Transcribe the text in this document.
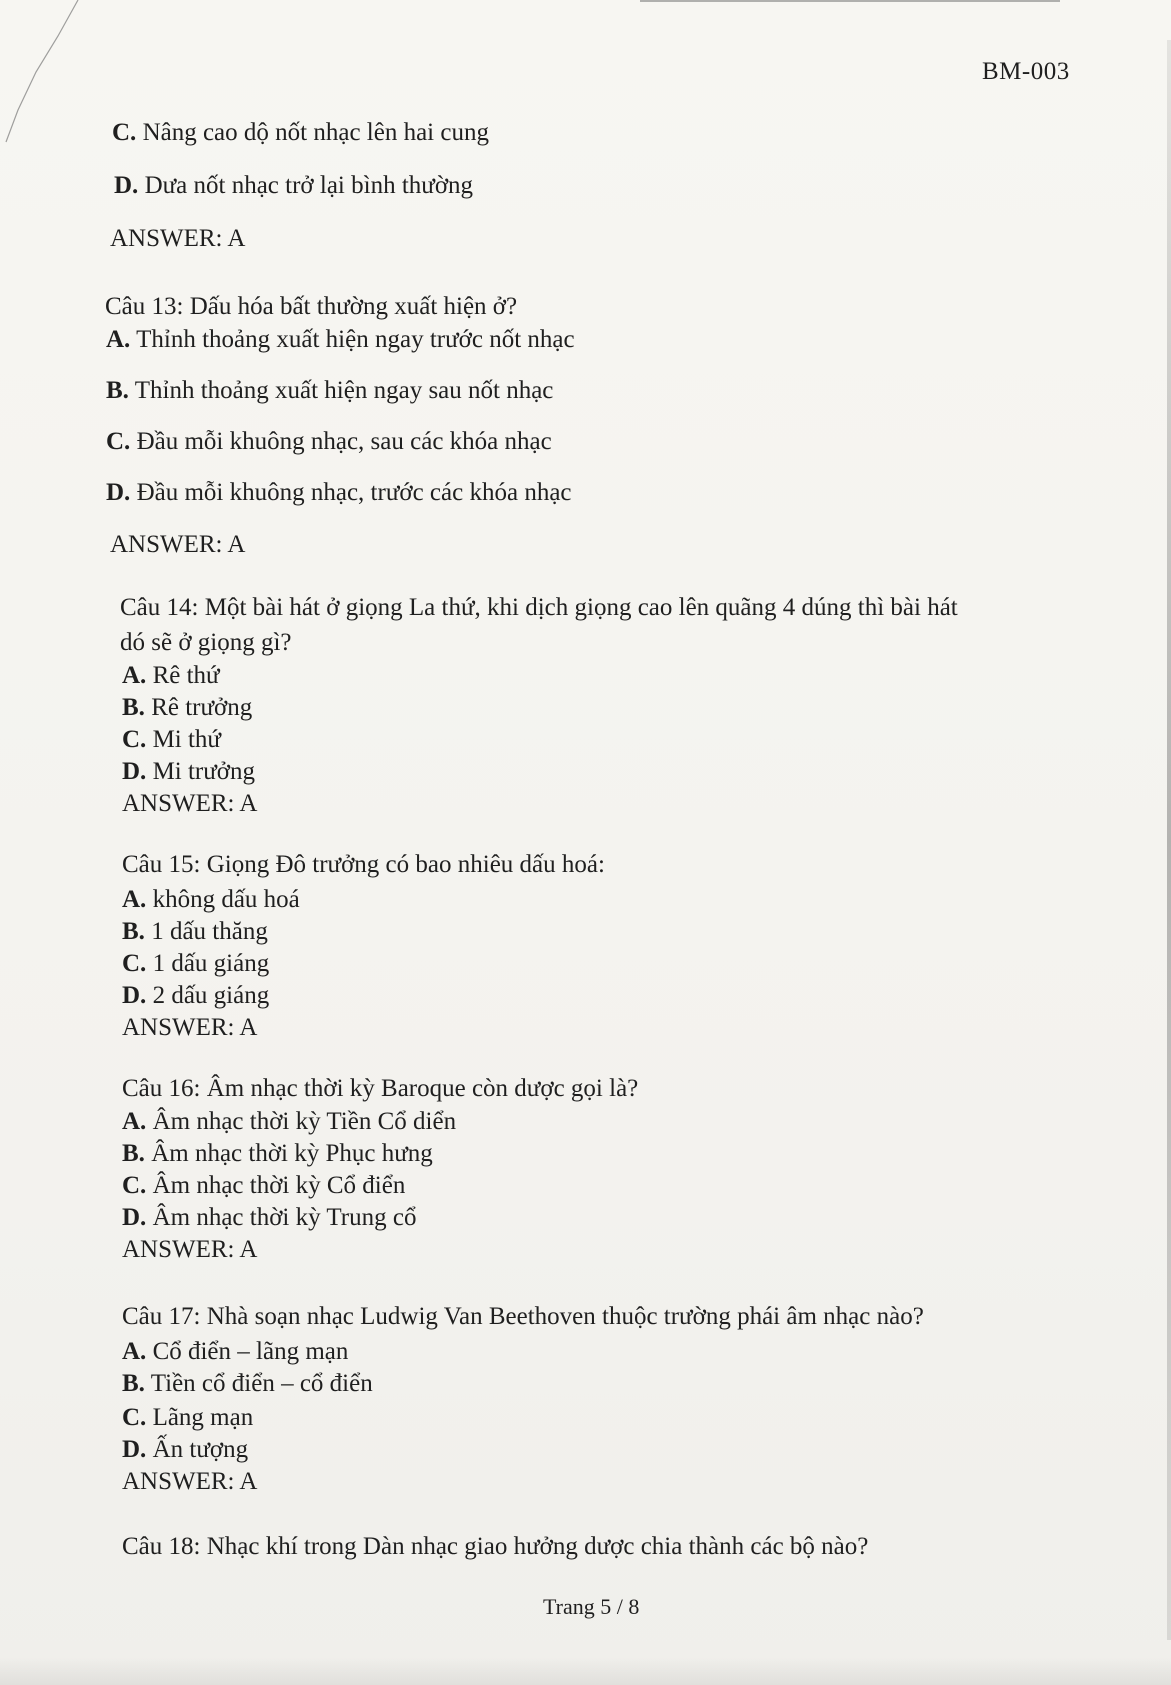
BM-003
C. Nâng cao dộ nốt nhạc lên hai cung
D. Dưa nốt nhạc trở lại bình thường
ANSWER: A
Câu 13: Dấu hóa bất thường xuất hiện ở?
A. Thỉnh thoảng xuất hiện ngay trước nốt nhạc
B. Thỉnh thoảng xuất hiện ngay sau nốt nhạc
C. Đầu mỗi khuông nhạc, sau các khóa nhạc
D. Đầu mỗi khuông nhạc, trước các khóa nhạc
ANSWER: A
Câu 14: Một bài hát ở giọng La thứ, khi dịch giọng cao lên quãng 4 dúng thì bài hát
dó sẽ ở giọng gì?
A. Rê thứ
B. Rê trưởng
C. Mi thứ
D. Mi trưởng
ANSWER: A
Câu 15: Giọng Đô trưởng có bao nhiêu dấu hoá:
A. không dấu hoá
B. 1 dấu thăng
C. 1 dấu giáng
D. 2 dấu giáng
ANSWER: A
Câu 16: Âm nhạc thời kỳ Baroque còn dược gọi là?
A. Âm nhạc thời kỳ Tiền Cổ diển
B. Âm nhạc thời kỳ Phục hưng
C. Âm nhạc thời kỳ Cổ điển
D. Âm nhạc thời kỳ Trung cổ
ANSWER: A
Câu 17: Nhà soạn nhạc Ludwig Van Beethoven thuộc trường phái âm nhạc nào?
A. Cổ điển – lãng mạn
B. Tiền cổ điển – cổ điển
C. Lãng mạn
D. Ấn tượng
ANSWER: A
Câu 18: Nhạc khí trong Dàn nhạc giao hưởng dược chia thành các bộ nào?
Trang 5 / 8
